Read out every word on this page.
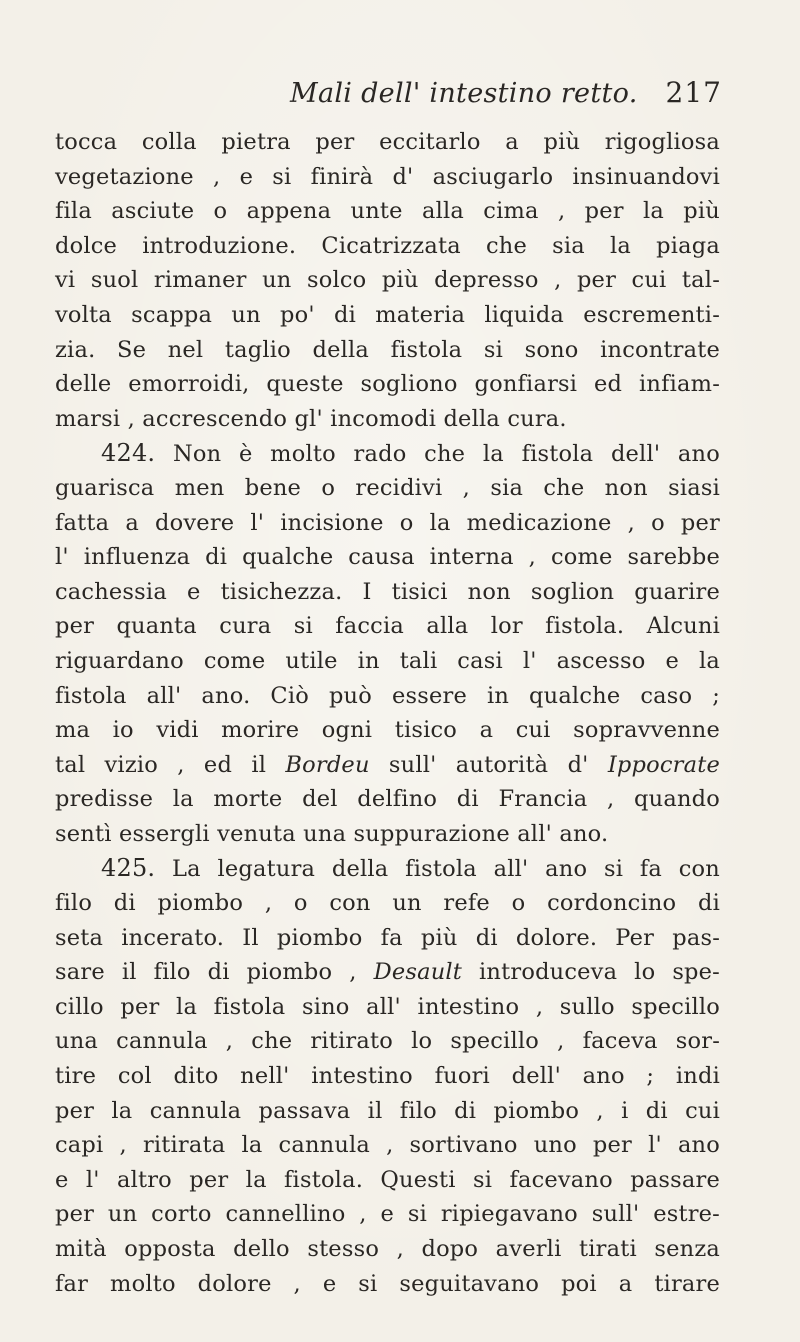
Mali dell' intestino retto. 217
tocca colla pietra per eccitarlo a più rigogliosa
vegetazione , e si finirà d' asciugarlo insinuandovi
fila asciute o appena unte alla cima , per la più
dolce introduzione. Cicatrizzata che sia la piaga
vi suol rimaner un solco più depresso , per cui tal-
volta scappa un po' di materia liquida escrementi-
zia. Se nel taglio della fistola si sono incontrate
delle emorroidi, queste sogliono gonfiarsi ed infiam-
marsi , accrescendo gl' incomodi della cura.
424. Non è molto rado che la fistola dell' ano
guarisca men bene o recidivi , sia che non siasi
fatta a dovere l' incisione o la medicazione , o per
l' influenza di qualche causa interna , come sarebbe
cachessia e tisichezza. I tisici non soglion guarire
per quanta cura si faccia alla lor fistola. Alcuni
riguardano come utile in tali casi l' ascesso e la
fistola all' ano. Ciò può essere in qualche caso ;
ma io vidi morire ogni tisico a cui sopravvenne
tal vizio , ed il Bordeu sull' autorità d' Ippocrate
predisse la morte del delfino di Francia , quando
sentì essergli venuta una suppurazione all' ano.
425. La legatura della fistola all' ano si fa con
filo di piombo , o con un refe o cordoncino di
seta incerato. Il piombo fa più di dolore. Per pas-
sare il filo di piombo , Desault introduceva lo spe-
cillo per la fistola sino all' intestino , sullo specillo
una cannula , che ritirato lo specillo , faceva sor-
tire col dito nell' intestino fuori dell' ano ; indi
per la cannula passava il filo di piombo , i di cui
capi , ritirata la cannula , sortivano uno per l' ano
e l' altro per la fistola. Questi si facevano passare
per un corto cannellino , e si ripiegavano sull' estre-
mità opposta dello stesso , dopo averli tirati senza
far molto dolore , e si seguitavano poi a tirare
